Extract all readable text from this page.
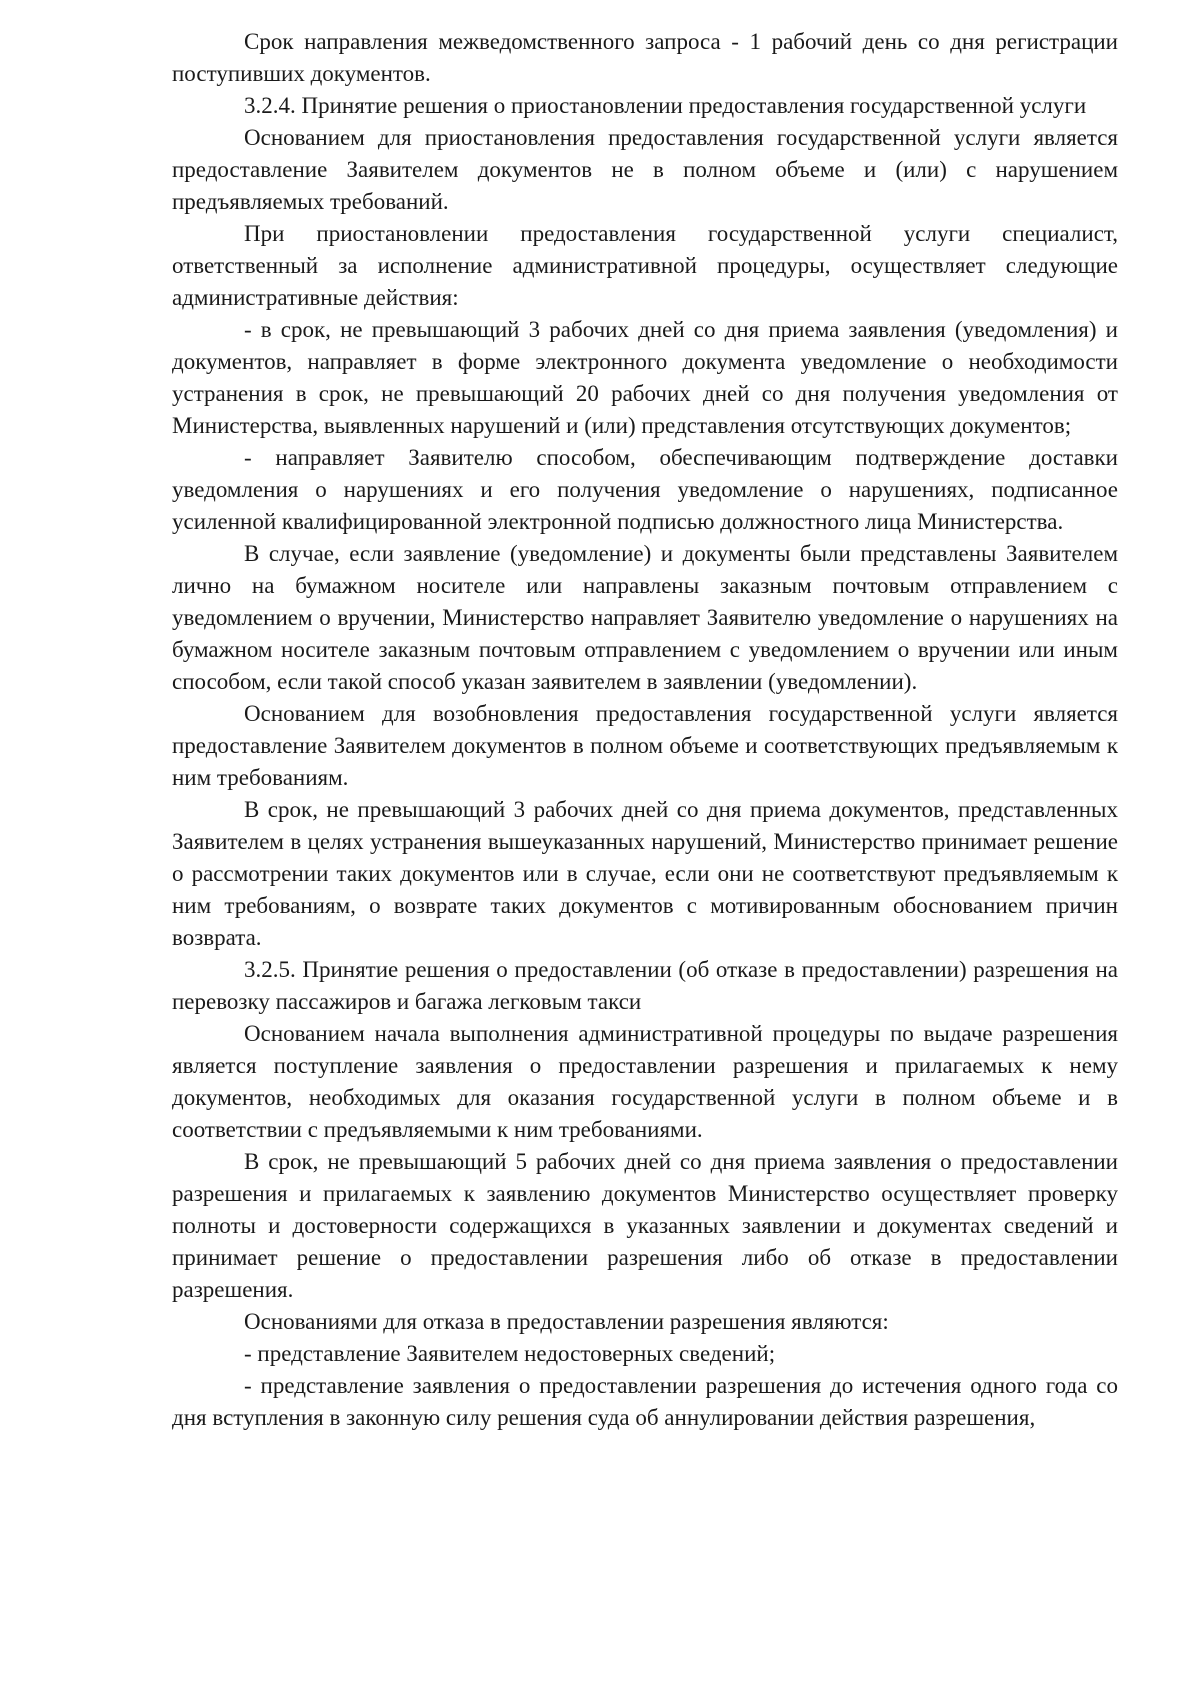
Срок направления межведомственного запроса - 1 рабочий день со дня регистрации поступивших документов.

3.2.4. Принятие решения о приостановлении предоставления государственной услуги

Основанием для приостановления предоставления государственной услуги является предоставление Заявителем документов не в полном объеме и (или) с нарушением предъявляемых требований.

При приостановлении предоставления государственной услуги специалист, ответственный за исполнение административной процедуры, осуществляет следующие административные действия:

- в срок, не превышающий 3 рабочих дней со дня приема заявления (уведомления) и документов, направляет в форме электронного документа уведомление о необходимости устранения в срок, не превышающий 20 рабочих дней со дня получения уведомления от Министерства, выявленных нарушений и (или) представления отсутствующих документов;

- направляет Заявителю способом, обеспечивающим подтверждение доставки уведомления о нарушениях и его получения уведомление о нарушениях, подписанное усиленной квалифицированной электронной подписью должностного лица Министерства.

В случае, если заявление (уведомление) и документы были представлены Заявителем лично на бумажном носителе или направлены заказным почтовым отправлением с уведомлением о вручении, Министерство направляет Заявителю уведомление о нарушениях на бумажном носителе заказным почтовым отправлением с уведомлением о вручении или иным способом, если такой способ указан заявителем в заявлении (уведомлении).

Основанием для возобновления предоставления государственной услуги является предоставление Заявителем документов в полном объеме и соответствующих предъявляемым к ним требованиям.

В срок, не превышающий 3 рабочих дней со дня приема документов, представленных Заявителем в целях устранения вышеуказанных нарушений, Министерство принимает решение о рассмотрении таких документов или в случае, если они не соответствуют предъявляемым к ним требованиям, о возврате таких документов с мотивированным обоснованием причин возврата.

3.2.5. Принятие решения о предоставлении (об отказе в предоставлении) разрешения на перевозку пассажиров и багажа легковым такси

Основанием начала выполнения административной процедуры по выдаче разрешения является поступление заявления о предоставлении разрешения и прилагаемых к нему документов, необходимых для оказания государственной услуги в полном объеме и в соответствии с предъявляемыми к ним требованиями.

В срок, не превышающий 5 рабочих дней со дня приема заявления о предоставлении разрешения и прилагаемых к заявлению документов Министерство осуществляет проверку полноты и достоверности содержащихся в указанных заявлении и документах сведений и принимает решение о предоставлении разрешения либо об отказе в предоставлении разрешения.

Основаниями для отказа в предоставлении разрешения являются:

- представление Заявителем недостоверных сведений;

- представление заявления о предоставлении разрешения до истечения одного года со дня вступления в законную силу решения суда об аннулировании действия разрешения,
